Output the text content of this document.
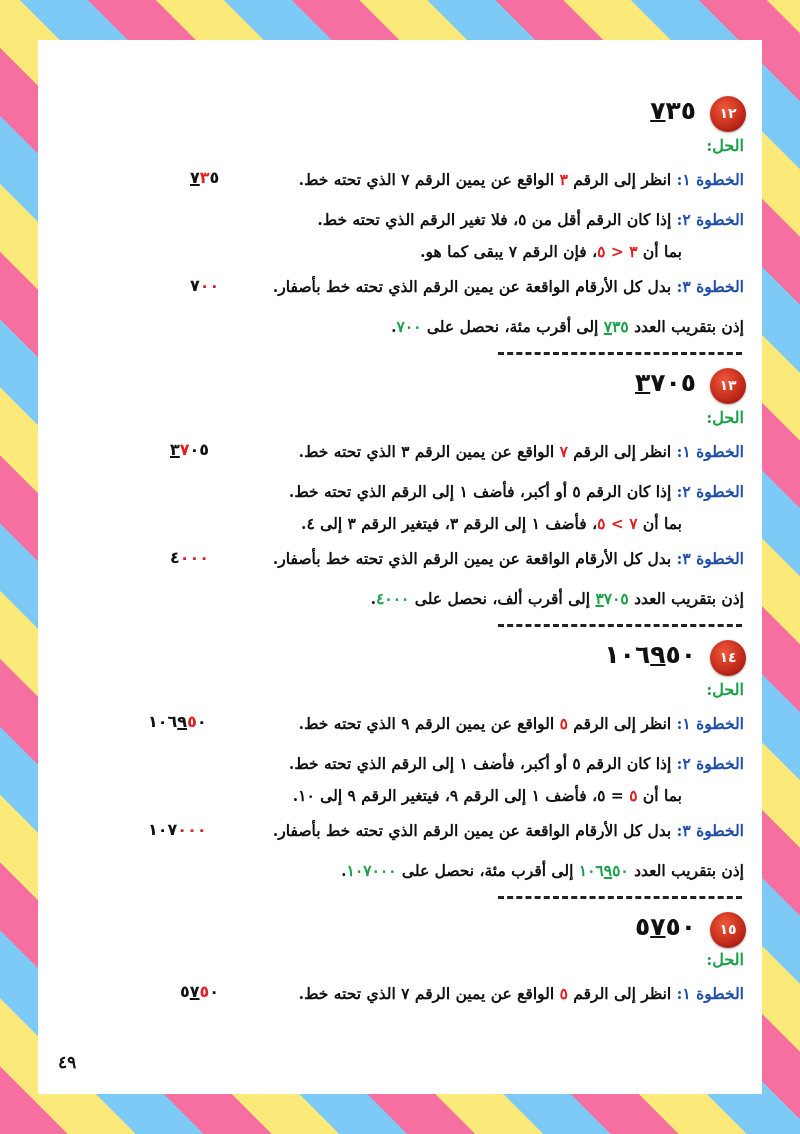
١٢
٧٣٥
الحل:
الخطوة ١: انظر إلى الرقم ٣ الواقع عن يمين الرقم ٧ الذي تحته خط.
٧٣٥
الخطوة ٢: إذا كان الرقم أقل من ٥، فلا تغير الرقم الذي تحته خط.
بما أن ٣ < ٥، فإن الرقم ٧ يبقى كما هو.
الخطوة ٣: بدل كل الأرقام الواقعة عن يمين الرقم الذي تحته خط بأصفار.
٧٠٠
إذن بتقريب العدد ٧٣٥ إلى أقرب مئة، نحصل على ٧٠٠.
١٣
٣٧٠٥
الحل:
الخطوة ١: انظر إلى الرقم ٧ الواقع عن يمين الرقم ٣ الذي تحته خط.
٣٧٠٥
الخطوة ٢: إذا كان الرقم ٥ أو أكبر، فأضف ١ إلى الرقم الذي تحته خط.
بما أن ٧ > ٥، فأضف ١ إلى الرقم ٣، فيتغير الرقم ٣ إلى ٤.
الخطوة ٣: بدل كل الأرقام الواقعة عن يمين الرقم الذي تحته خط بأصفار.
٤٠٠٠
إذن بتقريب العدد ٣٧٠٥ إلى أقرب ألف، نحصل على ٤٠٠٠.
١٤
١٠٦٩٥٠
الحل:
الخطوة ١: انظر إلى الرقم ٥ الواقع عن يمين الرقم ٩ الذي تحته خط.
١٠٦٩٥٠
الخطوة ٢: إذا كان الرقم ٥ أو أكبر، فأضف ١ إلى الرقم الذي تحته خط.
بما أن ٥ = ٥، فأضف ١ إلى الرقم ٩، فيتغير الرقم ٩ إلى ١٠.
الخطوة ٣: بدل كل الأرقام الواقعة عن يمين الرقم الذي تحته خط بأصفار.
١٠٧٠٠٠
إذن بتقريب العدد ١٠٦٩٥٠ إلى أقرب مئة، نحصل على ١٠٧٠٠٠.
١٥
٥٧٥٠
الحل:
الخطوة ١: انظر إلى الرقم ٥ الواقع عن يمين الرقم ٧ الذي تحته خط.
٥٧٥٠
٤٩
